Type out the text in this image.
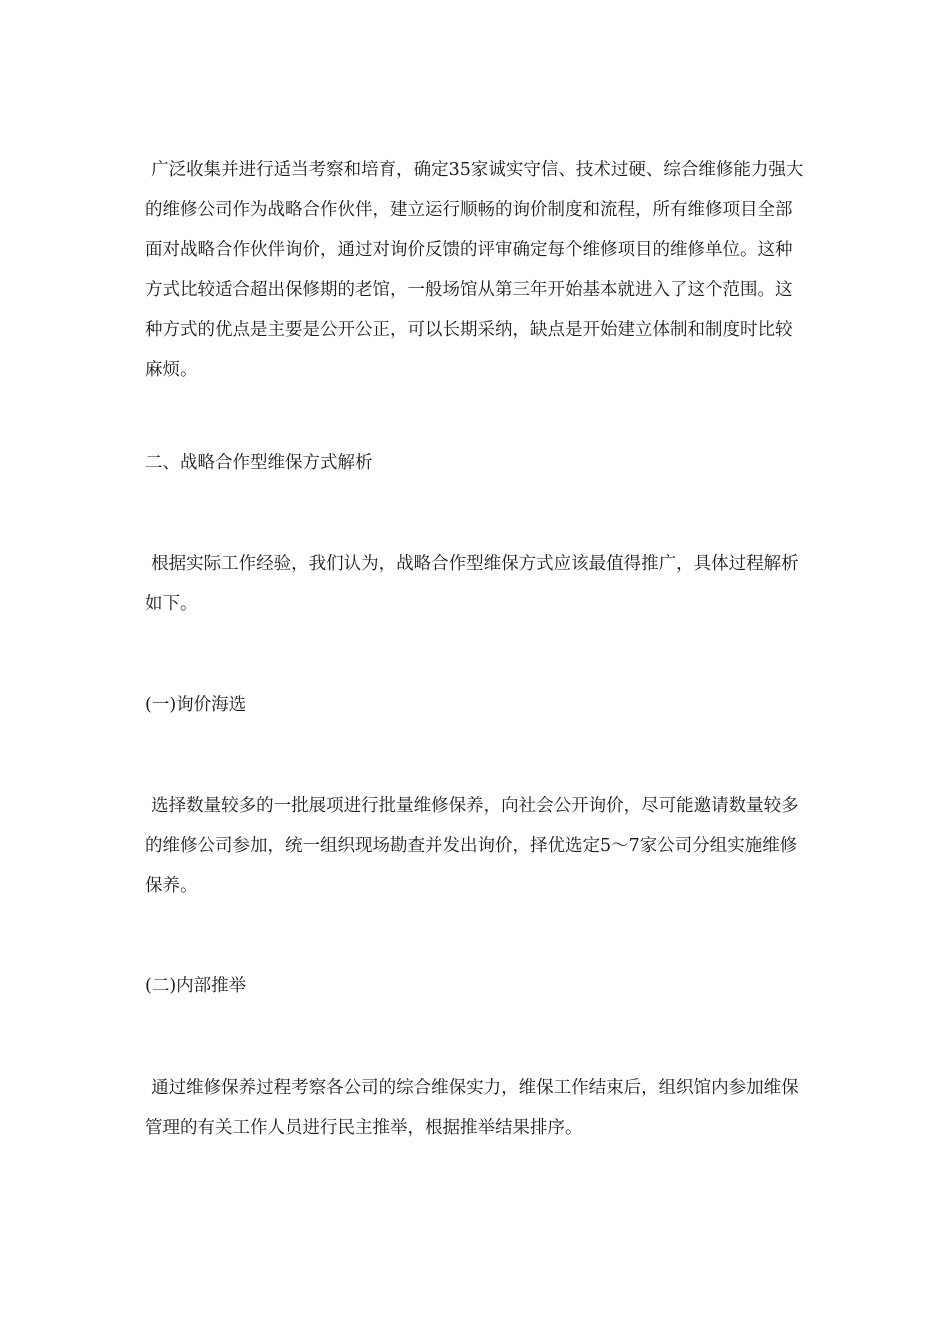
广泛收集并进行适当考察和培育，确定35家诚实守信、技术过硬、综合维修能力强大的维修公司作为战略合作伙伴，建立运行顺畅的询价制度和流程，所有维修项目全部面对战略合作伙伴询价，通过对询价反馈的评审确定每个维修项目的维修单位。这种方式比较适合超出保修期的老馆，一般场馆从第三年开始基本就进入了这个范围。这种方式的优点是主要是公开公正，可以长期采纳，缺点是开始建立体制和制度时比较麻烦。

二、战略合作型维保方式解析

根据实际工作经验，我们认为，战略合作型维保方式应该最值得推广，具体过程解析如下。

(一)询价海选

选择数量较多的一批展项进行批量维修保养，向社会公开询价，尽可能邀请数量较多的维修公司参加，统一组织现场勘查并发出询价，择优选定5～7家公司分组实施维修保养。

(二)内部推举

通过维修保养过程考察各公司的综合维保实力，维保工作结束后，组织馆内参加维保管理的有关工作人员进行民主推举，根据推举结果排序。
